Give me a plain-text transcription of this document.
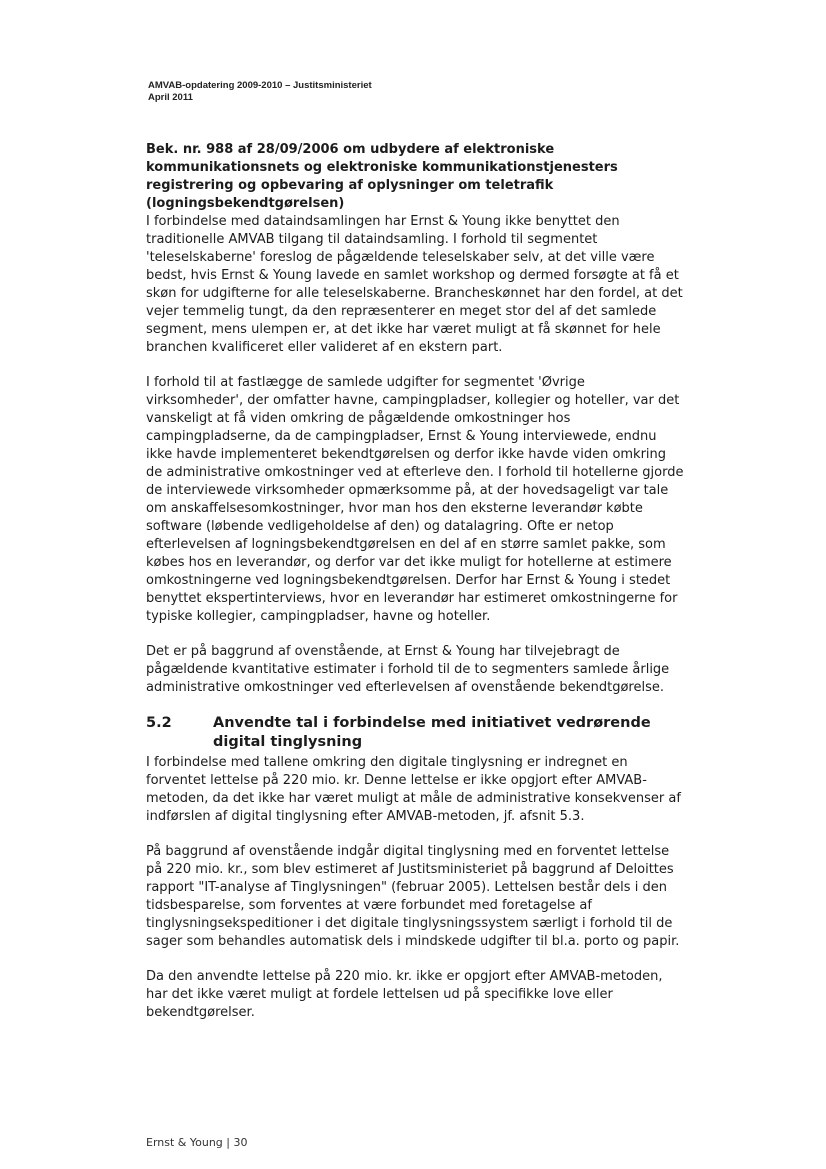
AMVAB-opdatering 2009-2010 – Justitsministeriet
April 2011
Bek. nr. 988 af 28/09/2006 om udbydere af elektroniske kommunikationsnets og elektroniske kommunikationstjenesters registrering og opbevaring af oplysninger om teletrafik (logningsbekendtgørelsen)

I forbindelse med dataindsamlingen har Ernst & Young ikke benyttet den traditionelle AMVAB tilgang til dataindsamling. I forhold til segmentet 'teleselskaberne' foreslog de pågældende teleselskaber selv, at det ville være bedst, hvis Ernst & Young lavede en samlet workshop og dermed forsøgte at få et skøn for udgifterne for alle teleselskaberne. Brancheskønnet har den fordel, at det vejer temmelig tungt, da den repræsenterer en meget stor del af det samlede segment, mens ulempen er, at det ikke har været muligt at få skønnet for hele branchen kvalificeret eller valideret af en ekstern part.

I forhold til at fastlægge de samlede udgifter for segmentet 'Øvrige virksomheder', der omfatter havne, campingpladser, kollegier og hoteller, var det vanskeligt at få viden omkring de pågældende omkostninger hos campingpladserne, da de campingpladser, Ernst & Young interviewede, endnu ikke havde implementeret bekendtgørelsen og derfor ikke havde viden omkring de administrative omkostninger ved at efterleve den. I forhold til hotellerne gjorde de interviewede virksomheder opmærksomme på, at der hovedsageligt var tale om anskaffelsesomkostninger, hvor man hos den eksterne leverandør købte software (løbende vedligeholdelse af den) og datalagring. Ofte er netop efterlevelsen af logningsbekendtgørelsen en del af en større samlet pakke, som købes hos en leverandør, og derfor var det ikke muligt for hotellerne at estimere omkostningerne ved logningsbekendtgørelsen. Derfor har Ernst & Young i stedet benyttet ekspertinterviews, hvor en leverandør har estimeret omkostningerne for typiske kollegier, campingpladser, havne og hoteller.

Det er på baggrund af ovenstående, at Ernst & Young har tilvejebragt de pågældende kvantitative estimater i forhold til de to segmenters samlede årlige administrative omkostninger ved efterlevelsen af ovenstående bekendtgørelse.

5.2	Anvendte tal i forbindelse med initiativet vedrørende digital tinglysning

I forbindelse med tallene omkring den digitale tinglysning er indregnet en forventet lettelse på 220 mio. kr. Denne lettelse er ikke opgjort efter AMVAB-metoden, da det ikke har været muligt at måle de administrative konsekvenser af indførslen af digital tinglysning efter AMVAB-metoden, jf. afsnit 5.3.

På baggrund af ovenstående indgår digital tinglysning med en forventet lettelse på 220 mio. kr., som blev estimeret af Justitsministeriet på baggrund af Deloittes rapport "IT-analyse af Tinglysningen" (februar 2005). Lettelsen består dels i den tidsbesparelse, som forventes at være forbundet med foretagelse af tinglysningsekspeditioner i det digitale tinglysningssystem særligt i forhold til de sager som behandles automatisk dels i mindskede udgifter til bl.a. porto og papir.

Da den anvendte lettelse på 220 mio. kr. ikke er opgjort efter AMVAB-metoden, har det ikke været muligt at fordele lettelsen ud på specifikke love eller bekendtgørelser.

Ernst & Young | 30
